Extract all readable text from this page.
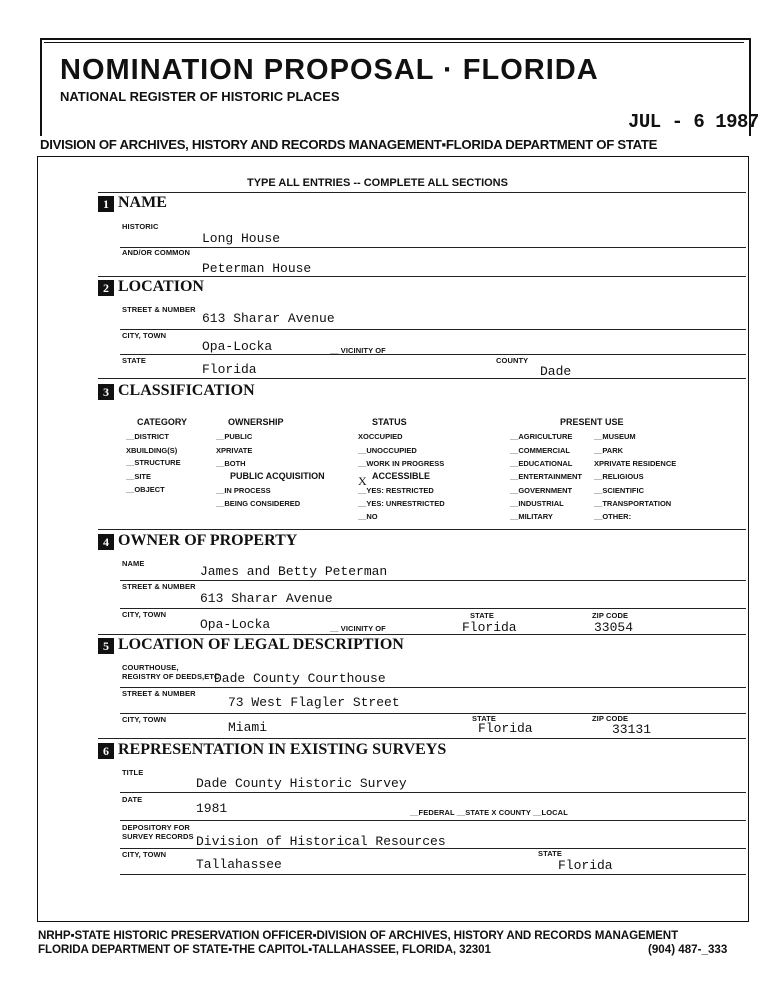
NOMINATION PROPOSAL · FLORIDA
NATIONAL REGISTER OF HISTORIC PLACES
JUL - 6 1987
DIVISION OF ARCHIVES, HISTORY AND RECORDS MANAGEMENT▪FLORIDA DEPARTMENT OF STATE
TYPE ALL ENTRIES -- COMPLETE ALL SECTIONS
1 NAME
HISTORIC
Long House
AND/OR COMMON
Peterman House
2 LOCATION
STREET & NUMBER
613 Sharar Avenue
CITY, TOWN
Opa-Locka	__ VICINITY OF
STATE
Florida
COUNTY
Dade
3 CLASSIFICATION
CATEGORY
__DISTRICT
XBUILDING(S)
__STRUCTURE
__SITE
__OBJECT
OWNERSHIP
__PUBLIC
XPRIVATE
__BOTH
PUBLIC ACQUISITION
__IN PROCESS
__BEING CONSIDERED
STATUS
XOCCUPIED
__UNOCCUPIED
__WORK IN PROGRESS
X ACCESSIBLE
__YES: RESTRICTED
__YES: UNRESTRICTED
__NO
PRESENT USE
__AGRICULTURE
__COMMERCIAL
__EDUCATIONAL
__ENTERTAINMENT
__GOVERNMENT
__INDUSTRIAL
__MILITARY
__MUSEUM
__PARK
XPRIVATE RESIDENCE
__RELIGIOUS
__SCIENTIFIC
__TRANSPORTATION
__OTHER:
4 OWNER OF PROPERTY
NAME
James and Betty Peterman
STREET & NUMBER
613 Sharar Avenue
CITY, TOWN
Opa-Locka	__ VICINITY OF
STATE
Florida
ZIP CODE
33054
5 LOCATION OF LEGAL DESCRIPTION
COURTHOUSE,
REGISTRY OF DEEDS,ETC.
Dade County Courthouse
STREET & NUMBER
73 West Flagler Street
CITY, TOWN
Miami
STATE
Florida
ZIP CODE
33131
6 REPRESENTATION IN EXISTING SURVEYS
TITLE
Dade County Historic Survey
DATE
1981	__FEDERAL __STATE X COUNTY __LOCAL
DEPOSITORY FOR
SURVEY RECORDS Division of Historical Resources
CITY, TOWN
Tallahassee
STATE
Florida
NRHP▪STATE HISTORIC PRESERVATION OFFICER▪DIVISION OF ARCHIVES, HISTORY AND RECORDS MANAGEMENT
FLORIDA DEPARTMENT OF STATE▪THE CAPITOL▪TALLAHASSEE, FLORIDA, 32301	(904) 487-_333
